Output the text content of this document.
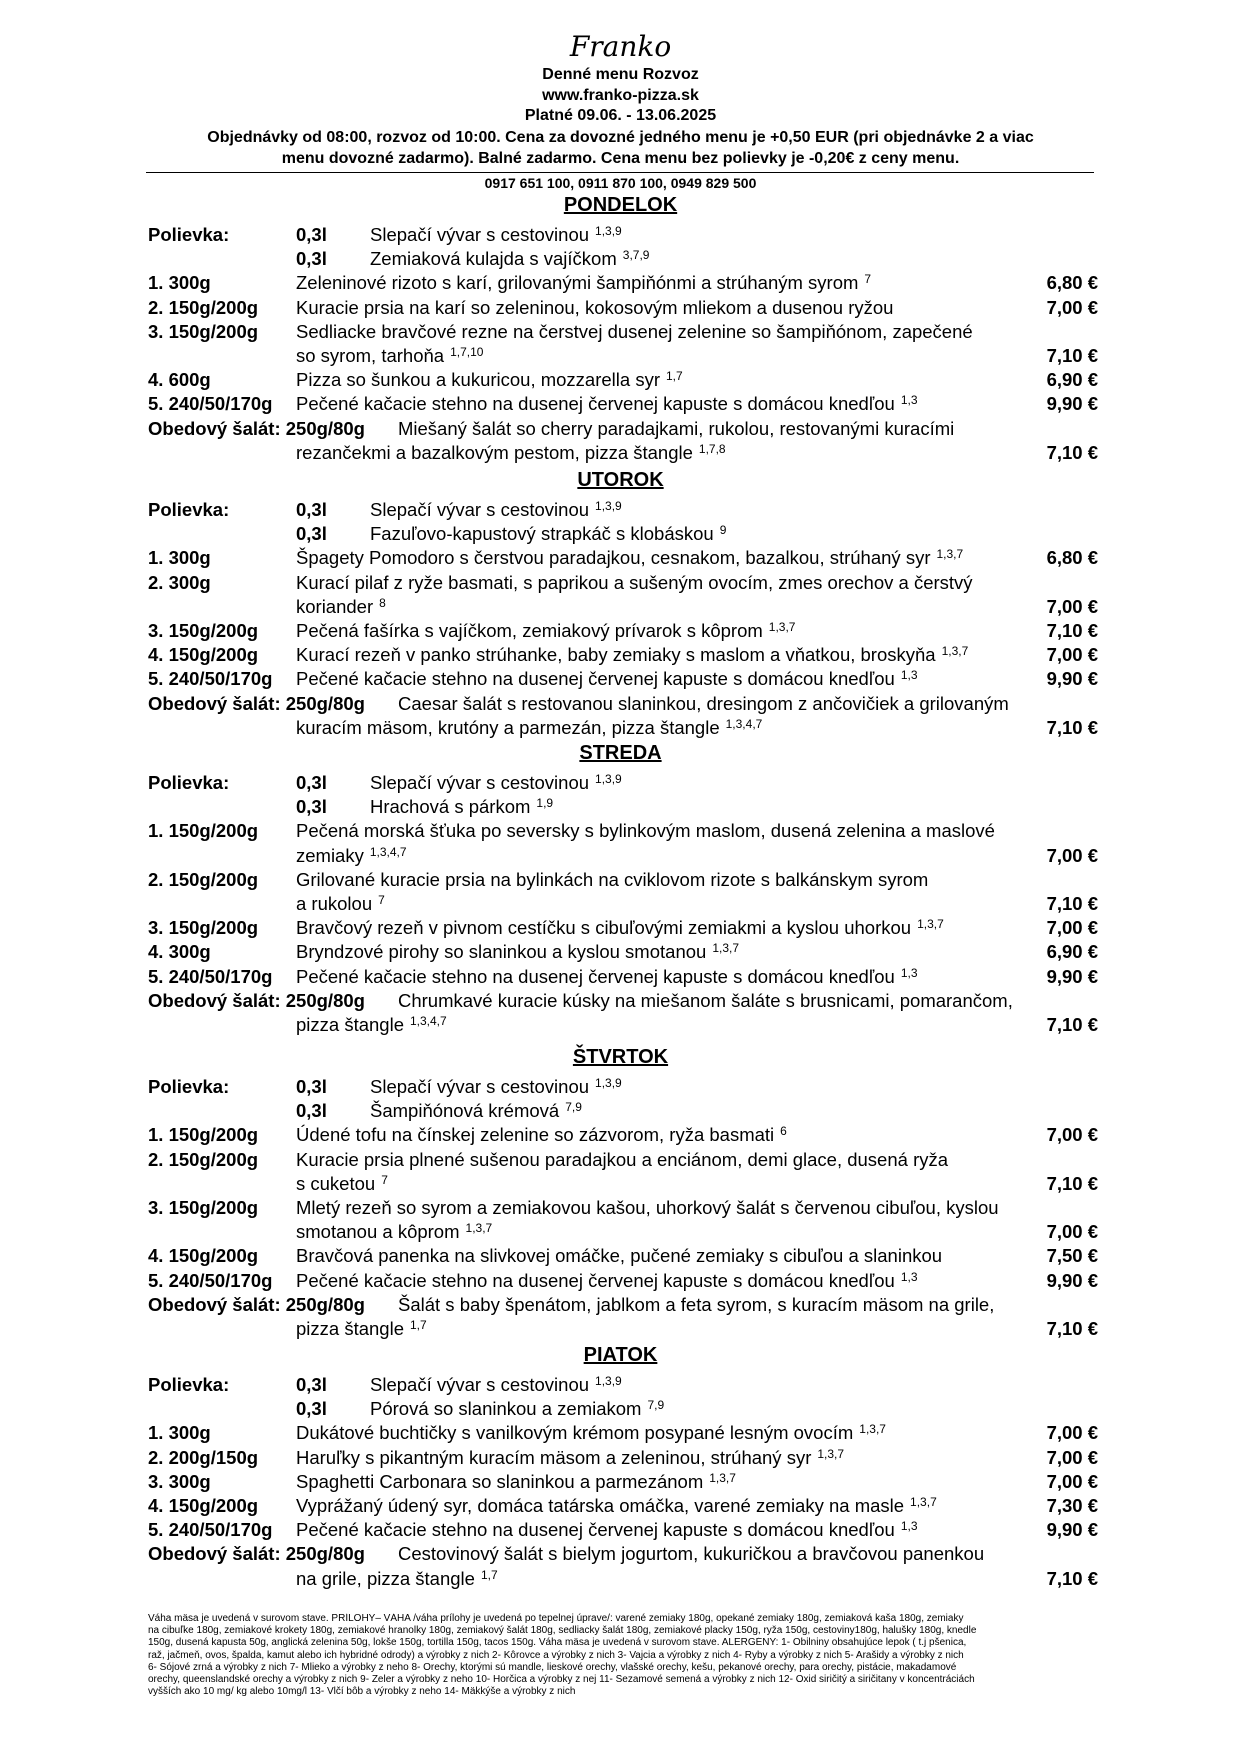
Franko
Denné menu Rozvoz
www.franko-pizza.sk
Platné 09.06. - 13.06.2025
Objednávky od 08:00, rozvoz od 10:00. Cena za dovozné jedného menu je +0,50 EUR (pri objednávke 2 a viac
menu dovozné zadarmo). Balné zadarmo. Cena menu bez polievky je -0,20€ z ceny menu.
0917 651 100, 0911 870 100, 0949 829 500
PONDELOK
Polievka:	0,3l Slepačí vývar s cestovinou 1,3,9
0,3l Zemiaková kulajda s vajíčkom 3,7,9
1. 300g	Zeleninové rizoto s karí, grilovanými šampiňónmi a strúhaným syrom 7	6,80 €
2. 150g/200g Kuracie prsia na karí so zeleninou, kokosovým mliekom a dusenou ryžou	7,00 €
3. 150g/200g Sedliacke bravčové rezne na čerstvej dusenej zelenine so šampiňónom, zapečené
so syrom, tarhoňa 1,7,10	7,10 €
4. 600g	Pizza so šunkou a kukuricou, mozzarella syr 1,7	6,90 €
5. 240/50/170g Pečené kačacie stehno na dusenej červenej kapuste s domácou knedľou 1,3	9,90 €
Obedový šalát: 250g/80g Miešaný šalát so cherry paradajkami, rukolou, restovanými kuracími
rezančekmi a bazalkovým pestom, pizza štangle 1,7,8	7,10 €
UTOROK
Polievka:	0,3l Slepačí vývar s cestovinou 1,3,9
0,3l Fazuľovo-kapustový strapkáč s klobáskou 9
1. 300g	Špagety Pomodoro s čerstvou paradajkou, cesnakom, bazalkou, strúhaný syr 1,3,7	6,80 €
2. 300g	Kurací pilaf z ryže basmati, s paprikou a sušeným ovocím, zmes orechov a čerstvý
koriander 8	7,00 €
3. 150g/200g Pečená fašírka s vajíčkom, zemiakový prívarok s kôprom 1,3,7	7,10 €
4. 150g/200g Kurací rezeň v panko strúhanke, baby zemiaky s maslom a vňatkou, broskyňa 1,3,7	7,00 €
5. 240/50/170g Pečené kačacie stehno na dusenej červenej kapuste s domácou knedľou 1,3	9,90 €
Obedový šalát: 250g/80g Caesar šalát s restovanou slaninkou, dresingom z ančovičiek a grilovaným
kuracím mäsom, krutóny a parmezán, pizza štangle 1,3,4,7	7,10 €
STREDA
Polievka:	0,3l Slepačí vývar s cestovinou 1,3,9
0,3l Hrachová s párkom 1,9
1. 150g/200g Pečená morská šťuka po seversky s bylinkovým maslom, dusená zelenina a maslové
zemiaky 1,3,4,7	7,00 €
2. 150g/200g Grilované kuracie prsia na bylinkách na cviklovom rizote s balkánskym syrom
a rukolou 7	7,10 €
3. 150g/200g Bravčový rezeň v pivnom cestíčku s cibuľovými zemiakmi a kyslou uhorkou 1,3,7	7,00 €
4. 300g	Bryndzové pirohy so slaninkou a kyslou smotanou 1,3,7	6,90 €
5. 240/50/170g Pečené kačacie stehno na dusenej červenej kapuste s domácou knedľou 1,3	9,90 €
Obedový šalát: 250g/80g Chrumkavé kuracie kúsky na miešanom šaláte s brusnicami, pomarančom,
pizza štangle 1,3,4,7	7,10 €
ŠTVRTOK
Polievka:	0,3l Slepačí vývar s cestovinou 1,3,9
0,3l Šampiňónová krémová 7,9
1. 150g/200g Údené tofu na čínskej zelenine so zázvorom, ryža basmati 6	7,00 €
2. 150g/200g Kuracie prsia plnené sušenou paradajkou a enciánom, demi glace, dusená ryža
s cuketou 7	7,10 €
3. 150g/200g Mletý rezeň so syrom a zemiakovou kašou, uhorkový šalát s červenou cibuľou, kyslou
smotanou a kôprom 1,3,7	7,00 €
4. 150g/200g Bravčová panenka na slivkovej omáčke, pučené zemiaky s cibuľou a slaninkou	7,50 €
5. 240/50/170g Pečené kačacie stehno na dusenej červenej kapuste s domácou knedľou 1,3	9,90 €
Obedový šalát: 250g/80g Šalát s baby špenátom, jablkom a feta syrom, s kuracím mäsom na grile,
pizza štangle 1,7	7,10 €
PIATOK
Polievka:	0,3l Slepačí vývar s cestovinou 1,3,9
0,3l Pórová so slaninkou a zemiakom 7,9
1. 300g	Dukátové buchtičky s vanilkovým krémom posypané lesným ovocím 1,3,7	7,00 €
2. 200g/150g Haruľky s pikantným kuracím mäsom a zeleninou, strúhaný syr 1,3,7	7,00 €
3. 300g	Spaghetti Carbonara so slaninkou a parmezánom 1,3,7	7,00 €
4. 150g/200g Vyprážaný údený syr, domáca tatárska omáčka, varené zemiaky na masle 1,3,7	7,30 €
5. 240/50/170g Pečené kačacie stehno na dusenej červenej kapuste s domácou knedľou 1,3	9,90 €
Obedový šalát: 250g/80g Cestovinový šalát s bielym jogurtom, kukuričkou a bravčovou panenkou
na grile, pizza štangle 1,7	7,10 €
Váha mäsa je uvedená v surovom stave. PRÍLOHY– VÁHA /váha prílohy je uvedená po tepelnej úprave/: varené zemiaky 180g, opekané zemiaky 180g, zemiaková kaša 180g, zemiaky
na cibuľke 180g, zemiakové krokety 180g, zemiakové hranolky 180g, zemiakový šalát 180g, sedliacky šalát 180g, zemiakové placky 150g, ryža 150g, cestoviny180g, halušky 180g, knedle
150g, dusená kapusta 50g, anglická zelenina 50g, lokše 150g, tortilla 150g, tacos 150g. Váha mäsa je uvedená v surovom stave. ALERGÉNY: 1- Obilniny obsahujúce lepok ( t.j pšenica,
raž, jačmeň, ovos, špalda, kamut alebo ich hybridné odrody) a výrobky z nich 2- Kôrovce a výrobky z nich 3- Vajcia a výrobky z nich 4- Ryby a výrobky z nich 5- Arašidy a výrobky z nich
6- Sójové zrná a výrobky z nich 7- Mlieko a výrobky z neho 8- Orechy, ktorými sú mandle, lieskové orechy, vlašské orechy, kešu, pekanové orechy, para orechy, pistácie, makadamové
orechy, queenslandské orechy a výrobky z nich 9- Zeler a výrobky z neho 10- Horčica a výrobky z nej 11- Sezamové semená a výrobky z nich 12- Oxid siričitý a siričitany v koncentráciách
vyšších ako 10 mg/ kg alebo 10mg/l 13- Vlčí bôb a výrobky z neho 14- Mäkkýše a výrobky z nich
